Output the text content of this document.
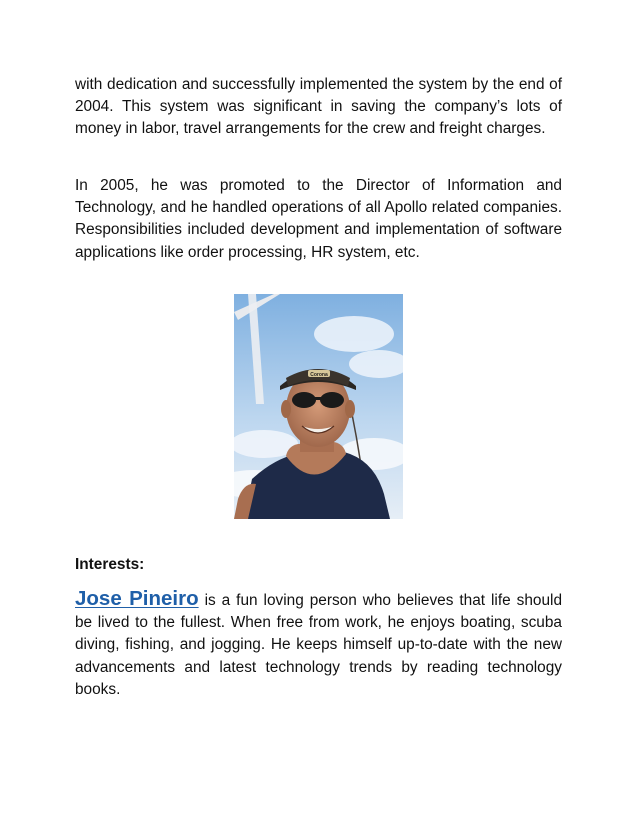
with dedication and successfully implemented the system by the end of 2004. This system was significant in saving the company’s lots of money in labor, travel arrangements for the crew and freight charges.

In 2005, he was promoted to the Director of Information and Technology, and he handled operations of all Apollo related companies. Responsibilities included development and implementation of software applications like order processing, HR system, etc.

Corona

Interests:

Jose Pineiro is a fun loving person who believes that life should be lived to the fullest. When free from work, he enjoys boating, scuba diving, fishing, and jogging. He keeps himself up-to-date with the new advancements and latest technology trends by reading technology books.
